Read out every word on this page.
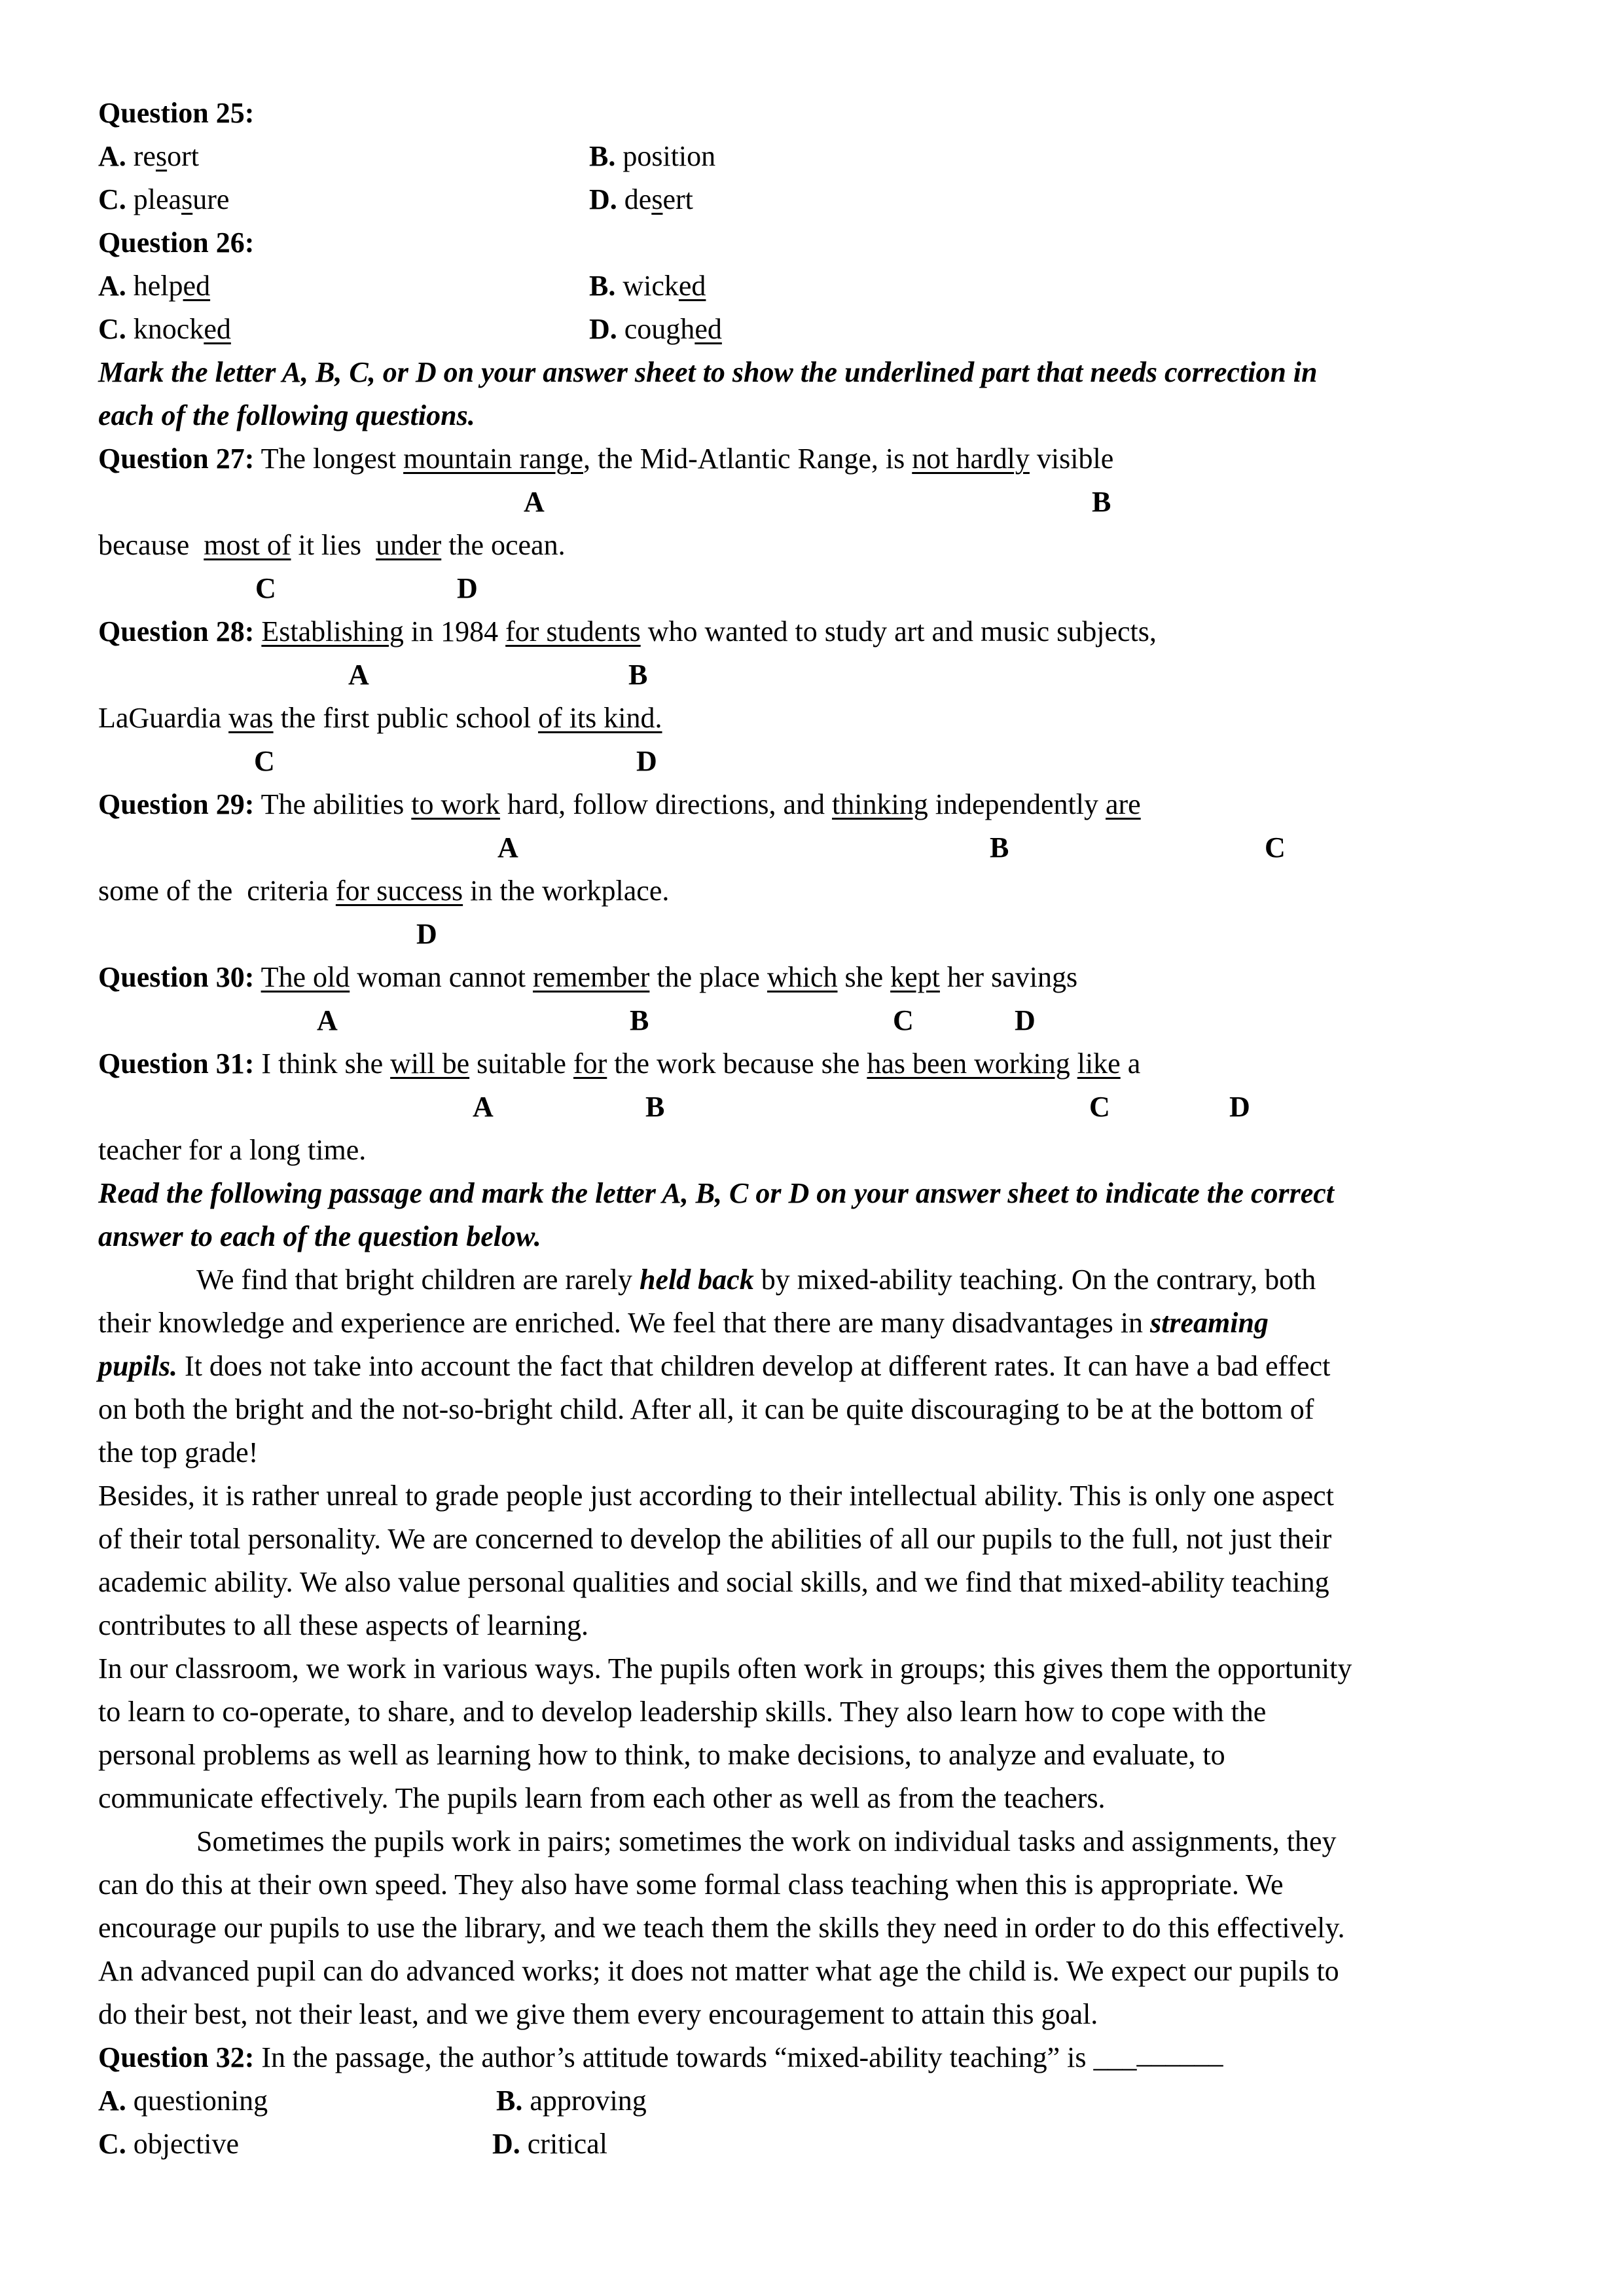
Question 25:
A. resort	B. position
C. pleasure	D. desert
Question 26:
A. helped	B. wicked
C. knocked	D. coughed
Mark the letter A, B, C, or D on your answer sheet to show the underlined part that needs correction in
each of the following questions.
Question 27: The longest mountain range, the Mid-Atlantic Range, is not hardly visible
A	B
because  most of it lies  under the ocean.
C	D
Question 28: Establishing in 1984 for students who wanted to study art and music subjects,
A	B
LaGuardia was the first public school of its kind.
C	D
Question 29: The abilities to work hard, follow directions, and thinking independently are
A	B	C
some of the  criteria for success in the workplace.
D
Question 30: The old woman cannot remember the place which she kept her savings
A	B	C	D
Question 31: I think she will be suitable for the work because she has been working like a
A	B	C	D
teacher for a long time.
Read the following passage and mark the letter A, B, C or D on your answer sheet to indicate the correct
answer to each of the question below.
We find that bright children are rarely held back by mixed-ability teaching. On the contrary, both
their knowledge and experience are enriched. We feel that there are many disadvantages in streaming
pupils. It does not take into account the fact that children develop at different rates. It can have a bad effect
on both the bright and the not-so-bright child. After all, it can be quite discouraging to be at the bottom of
the top grade!
Besides, it is rather unreal to grade people just according to their intellectual ability. This is only one aspect
of their total personality. We are concerned to develop the abilities of all our pupils to the full, not just their
academic ability. We also value personal qualities and social skills, and we find that mixed-ability teaching
contributes to all these aspects of learning.
In our classroom, we work in various ways. The pupils often work in groups; this gives them the opportunity
to learn to co-operate, to share, and to develop leadership skills. They also learn how to cope with the
personal problems as well as learning how to think, to make decisions, to analyze and evaluate, to
communicate effectively. The pupils learn from each other as well as from the teachers.
Sometimes the pupils work in pairs; sometimes the work on individual tasks and assignments, they
can do this at their own speed. They also have some formal class teaching when this is appropriate. We
encourage our pupils to use the library, and we teach them the skills they need in order to do this effectively.
An advanced pupil can do advanced works; it does not matter what age the child is. We expect our pupils to
do their best, not their least, and we give them every encouragement to attain this goal.
Question 32: In the passage, the author’s attitude towards “mixed-ability teaching” is _________
A. questioning	B. approving
C. objective	D. critical
